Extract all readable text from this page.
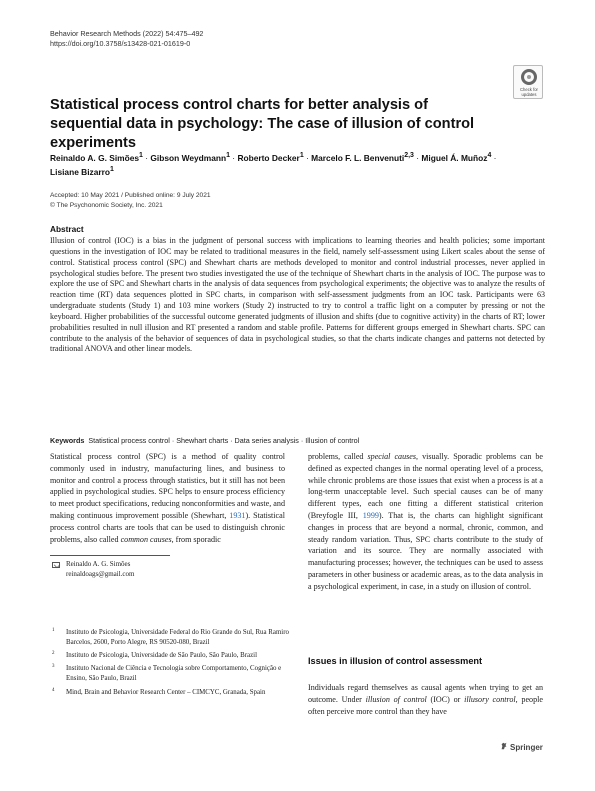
Behavior Research Methods (2022) 54:475–492
https://doi.org/10.3758/s13428-021-01619-0
Check for
updates
Statistical process control charts for better analysis of sequential data in psychology: The case of illusion of control experiments
Reinaldo A. G. Simões$^1$ · Gibson Weydmann$^1$ · Roberto Decker$^1$ · Marcelo F. L. Benvenuti$^{2,3}$ · Miguel Á. Muñoz$^4$ ·
Lisiane Bizarro$^1$
Accepted: 10 May 2021 / Published online: 9 July 2021
© The Psychonomic Society, Inc. 2021
Abstract
Illusion of control (IOC) is a bias in the judgment of personal success with implications to learning theories and health policies; some important questions in the investigation of IOC may be related to traditional measures in the field, namely self-assessment using Likert scales about the sense of control. Statistical process control (SPC) and Shewhart charts are methods developed to monitor and control industrial processes, never applied in psychological studies before. The present two studies investigated the use of the technique of Shewhart charts in the analysis of IOC. The purpose was to explore the use of SPC and Shewhart charts in the analysis of data sequences from psychological experiments; the objective was to analyze the results of reaction time (RT) data sequences plotted in SPC charts, in comparison with self-assessment judgments from an IOC task. Participants were 63 undergraduate students (Study 1) and 103 mine workers (Study 2) instructed to try to control a traffic light on a computer by pressing or not the keyboard. Higher probabilities of the successful outcome generated judgments of illusion and shifts (due to cognitive activity) in the charts of RT; lower probabilities resulted in null illusion and RT presented a random and stable profile. Patterns for different groups emerged in Shewhart charts. SPC can contribute to the analysis of the behavior of sequences of data in psychological studies, so that the charts indicate changes and patterns not detected by traditional ANOVA and other linear models.
Keywords Statistical process control · Shewhart charts · Data series analysis · Illusion of control

Statistical process control (SPC) is a method of quality control commonly used in industry, manufacturing lines, and business to monitor and control a process through statistics, but it still has not been applied in psychological studies. SPC helps to ensure process efficiency to meet product specifications, reducing nonconformities and waste, and making continuous improvement possible (Shewhart, 1931). Statistical process control charts are tools that can be used to distinguish chronic problems, also called common causes, from sporadic

Reinaldo A. G. Simões
reinaldoags@gmail.com
1 Instituto de Psicologia, Universidade Federal do Rio Grande do Sul, Rua Ramiro Barcelos, 2600, Porto Alegre, RS 90520-080, Brazil
2 Instituto de Psicologia, Universidade de São Paulo, São Paulo, Brazil
3 Instituto Nacional de Ciência e Tecnologia sobre Comportamento, Cognição e Ensino, São Paulo, Brazil
4 Mind, Brain and Behavior Research Center – CIMCYC, Granada, Spain

problems, called special causes, visually. Sporadic problems can be defined as expected changes in the normal operating level of a process, while chronic problems are those issues that exist when a process is at a long-term unacceptable level. Such special causes can be of many different types, each one fitting a different statistical criterion (Breyfogle III, 1999). That is, the charts can highlight significant changes in process that are beyond a normal, chronic, common, and steady random variation. Thus, SPC charts contribute to the study of variation and its source. They are normally associated with manufacturing processes; however, the techniques can be used to assess parameters in other business or academic areas, as to the data analysis in a psychological experiment, in case, in a study on illusion of control.

Issues in illusion of control assessment

Individuals regard themselves as causal agents when trying to get an outcome. Under illusion of control (IOC) or illusory control, people often perceive more control than they have

Springer
